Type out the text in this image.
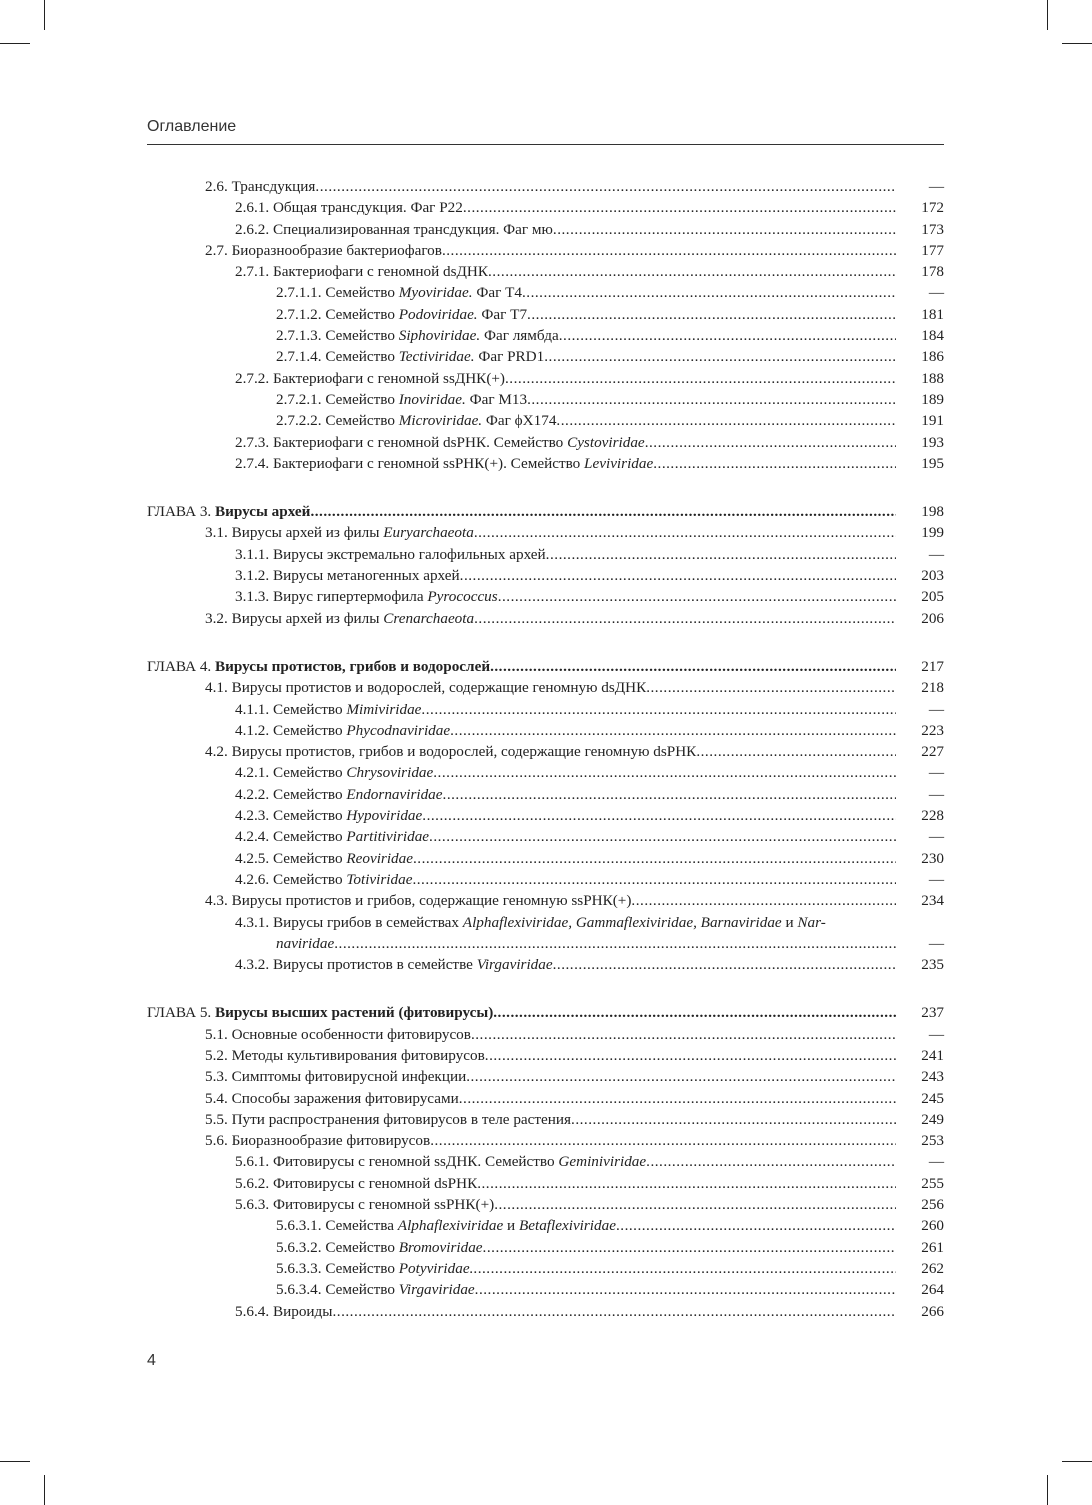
Оглавление
2.6. Трансдукция .....	—
2.6.1. Общая трансдукция. Фаг P22 .....	172
2.6.2. Специализированная трансдукция. Фаг мю .....	173
2.7. Биоразнообразие бактериофагов .....	177
2.7.1. Бактериофаги с геномной dsДНК .....	178
2.7.1.1. Семейство Myoviridae. Фаг T4 .....	—
2.7.1.2. Семейство Podoviridae. Фаг T7 .....	181
2.7.1.3. Семейство Siphoviridae. Фаг лямбда .....	184
2.7.1.4. Семейство Tectiviridae. Фаг PRD1 .....	186
2.7.2. Бактериофаги с геномной ssДНК(+) .....	188
2.7.2.1. Семейство Inoviridae. Фаг M13 .....	189
2.7.2.2. Семейство Microviridae. Фаг ϕX174 .....	191
2.7.3. Бактериофаги с геномной dsРНК. Семейство Cystoviridae .....	193
2.7.4. Бактериофаги с геномной ssРНК(+). Семейство Leviviridae .....	195
ГЛАВА 3. Вирусы архей .....	198
3.1. Вирусы архей из филы Euryarchaeota .....	199
3.1.1. Вирусы экстремально галофильных архей .....	—
3.1.2. Вирусы метаногенных архей .....	203
3.1.3. Вирус гипертермофила Pyrococcus .....	205
3.2. Вирусы архей из филы Crenarchaeota .....	206
ГЛАВА 4. Вирусы протистов, грибов и водорослей .....	217
4.1. Вирусы протистов и водорослей, содержащие геномную dsДНК .....	218
4.1.1. Семейство Mimiviridae .....	—
4.1.2. Семейство Phycodnaviridae .....	223
4.2. Вирусы протистов, грибов и водорослей, содержащие геномную dsРНК .....	227
4.2.1. Семейство Chrysoviridae .....	—
4.2.2. Семейство Endornaviridae .....	—
4.2.3. Семейство Hypoviridae .....	228
4.2.4. Семейство Partitiviridae .....	—
4.2.5. Семейство Reoviridae .....	230
4.2.6. Семейство Totiviridae .....	—
4.3. Вирусы протистов и грибов, содержащие геномную ssРНК(+) .....	234
4.3.1. Вирусы грибов в семействах Alphaflexiviridae, Gammaflexiviridae, Barnaviridae и Nar-
naviridae .....	—
4.3.2. Вирусы протистов в семействе Virgaviridae .....	235
ГЛАВА 5. Вирусы высших растений (фитовирусы) .....	237
5.1. Основные особенности фитовирусов .....	—
5.2. Методы культивирования фитовирусов .....	241
5.3. Симптомы фитовирусной инфекции .....	243
5.4. Способы заражения фитовирусами .....	245
5.5. Пути распространения фитовирусов в теле растения .....	249
5.6. Биоразнообразие фитовирусов .....	253
5.6.1. Фитовирусы с геномной ssДНК. Семейство Geminiviridae .....	—
5.6.2. Фитовирусы с геномной dsРНК .....	255
5.6.3. Фитовирусы с геномной ssРНК(+) .....	256
5.6.3.1. Семейства Alphaflexiviridae и Betaflexiviridae .....	260
5.6.3.2. Семейство Bromoviridae .....	261
5.6.3.3. Семейство Potyviridae. .....	262
5.6.3.4. Семейство Virgaviridae .....	264
5.6.4. Вироиды .....	266
4
